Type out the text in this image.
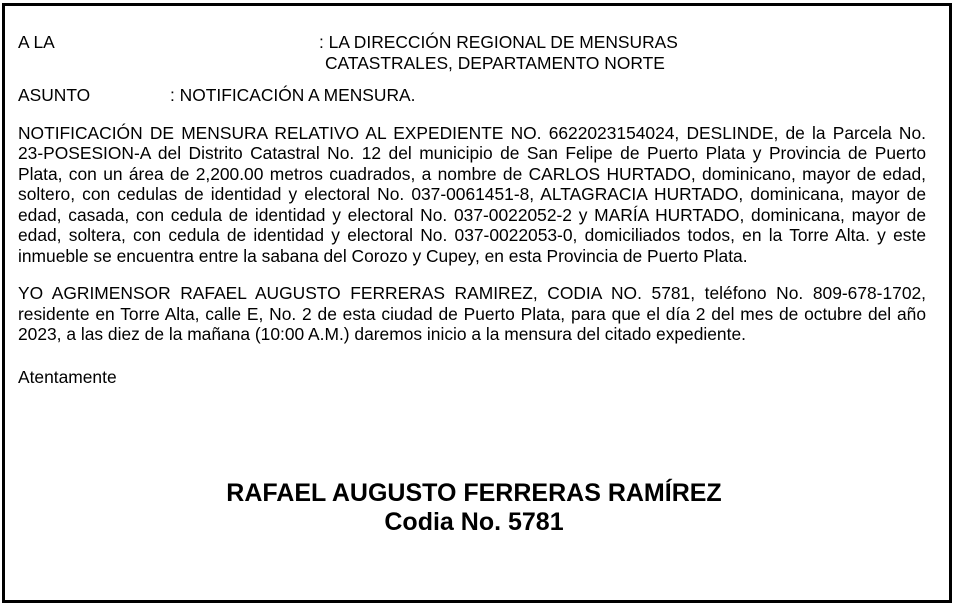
A LA	: LA DIRECCIÓN REGIONAL DE MENSURAS
CATASTRALES, DEPARTAMENTO NORTE
ASUNTO	: NOTIFICACIÓN A MENSURA.
NOTIFICACIÓN DE MENSURA RELATIVO AL EXPEDIENTE NO. 6622023154024, DESLINDE, de la Parcela No. 23-POSESION-A del Distrito Catastral No. 12 del municipio de San Felipe de Puerto Plata y Provincia de Puerto Plata, con un área de 2,200.00 metros cuadrados, a nombre de CARLOS HURTADO, dominicano, mayor de edad, soltero, con cedulas de identidad y electoral No. 037-0061451-8, ALTAGRACIA HURTADO, dominicana, mayor de edad, casada, con cedula de identidad y electoral No. 037-0022052-2 y MARÍA HURTADO, dominicana, mayor de edad, soltera, con cedula de identidad y electoral No. 037-0022053-0, domiciliados todos, en la Torre Alta. y este inmueble se encuentra entre la sabana del Corozo y Cupey, en esta Provincia de Puerto Plata.
YO AGRIMENSOR RAFAEL AUGUSTO FERRERAS RAMIREZ, CODIA NO. 5781, teléfono No. 809-678-1702, residente en Torre Alta, calle E, No. 2 de esta ciudad de Puerto Plata, para que el día 2 del mes de octubre del año 2023, a las diez de la mañana (10:00 A.M.) daremos inicio a la mensura del citado expediente.
Atentamente
RAFAEL AUGUSTO FERRERAS RAMÍREZ
Codia No. 5781
